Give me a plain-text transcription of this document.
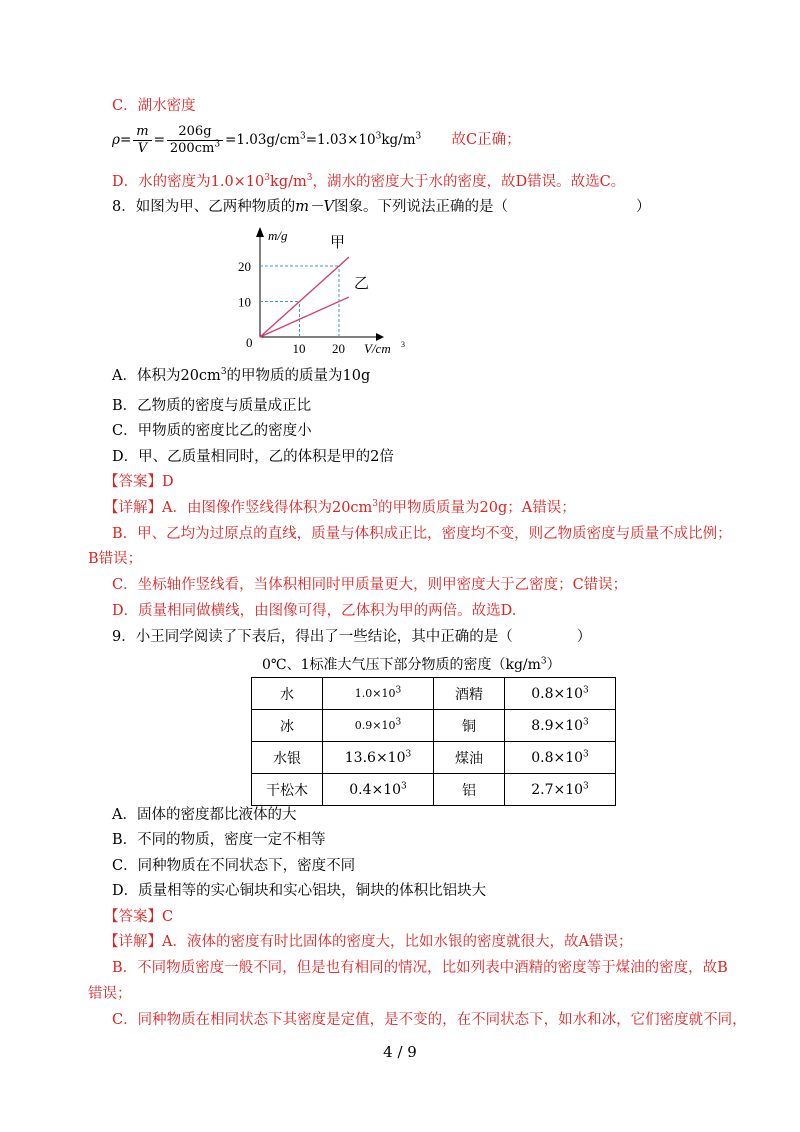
C．湖水密度
$\rho= \frac{m}{V} = \frac{206g}{200cm^3} =1.03g/cm^3=1.03\times 10^3kg/m^3$ 故C正确；
D．水的密度为$1.0\times 10^3kg/m^3$，湖水的密度大于水的密度，故D错误。故选C。
8．如图为甲、乙两种物质的m－V图象。下列说法正确的是（	）
m/g
V/cm 3
0
10
20
10 20
甲
乙
A．体积为$20cm^3$的甲物质的质量为10g
B．乙物质的密度与质量成正比
C．甲物质的密度比乙的密度小
D．甲、乙质量相同时，乙的体积是甲的2倍
【答案】D
【详解】A．由图像作竖线得体积为$20cm^3$的甲物质质量为20g；A错误；
B．甲、乙均为过原点的直线，质量与体积成正比，密度均不变，则乙物质密度与质量不成比例；
B错误；
C．坐标轴作竖线看，当体积相同时甲质量更大，则甲密度大于乙密度；C错误；
D．质量相同做横线，由图像可得，乙体积为甲的两倍。故选D.
9．小王同学阅读了下表后，得出了一些结论，其中正确的是（	）
0℃、1标准大气压下部分物质的密度$(kg/m^3)$
水	$1.0\times 10^3$	酒精	$0.8\times 10^3$
冰	$0.9\times 10^3$	铜	$8.9\times 10^3$
水银	$13.6\times 10^3$	煤油	$0.8\times 10^3$
干松木	$0.4\times 10^3$	铝	$2.7\times 10^3$
A．固体的密度都比液体的大
B．不同的物质，密度一定不相等
C．同种物质在不同状态下，密度不同
D．质量相等的实心铜块和实心铝块，铜块的体积比铝块大
【答案】C
【详解】A．液体的密度有时比固体的密度大，比如水银的密度就很大，故A错误；
B．不同物质密度一般不同，但是也有相同的情况，比如列表中酒精的密度等于煤油的密度，故B
错误；
C．同种物质在相同状态下其密度是定值，是不变的，在不同状态下，如水和冰，它们密度就不同，
4 / 9
